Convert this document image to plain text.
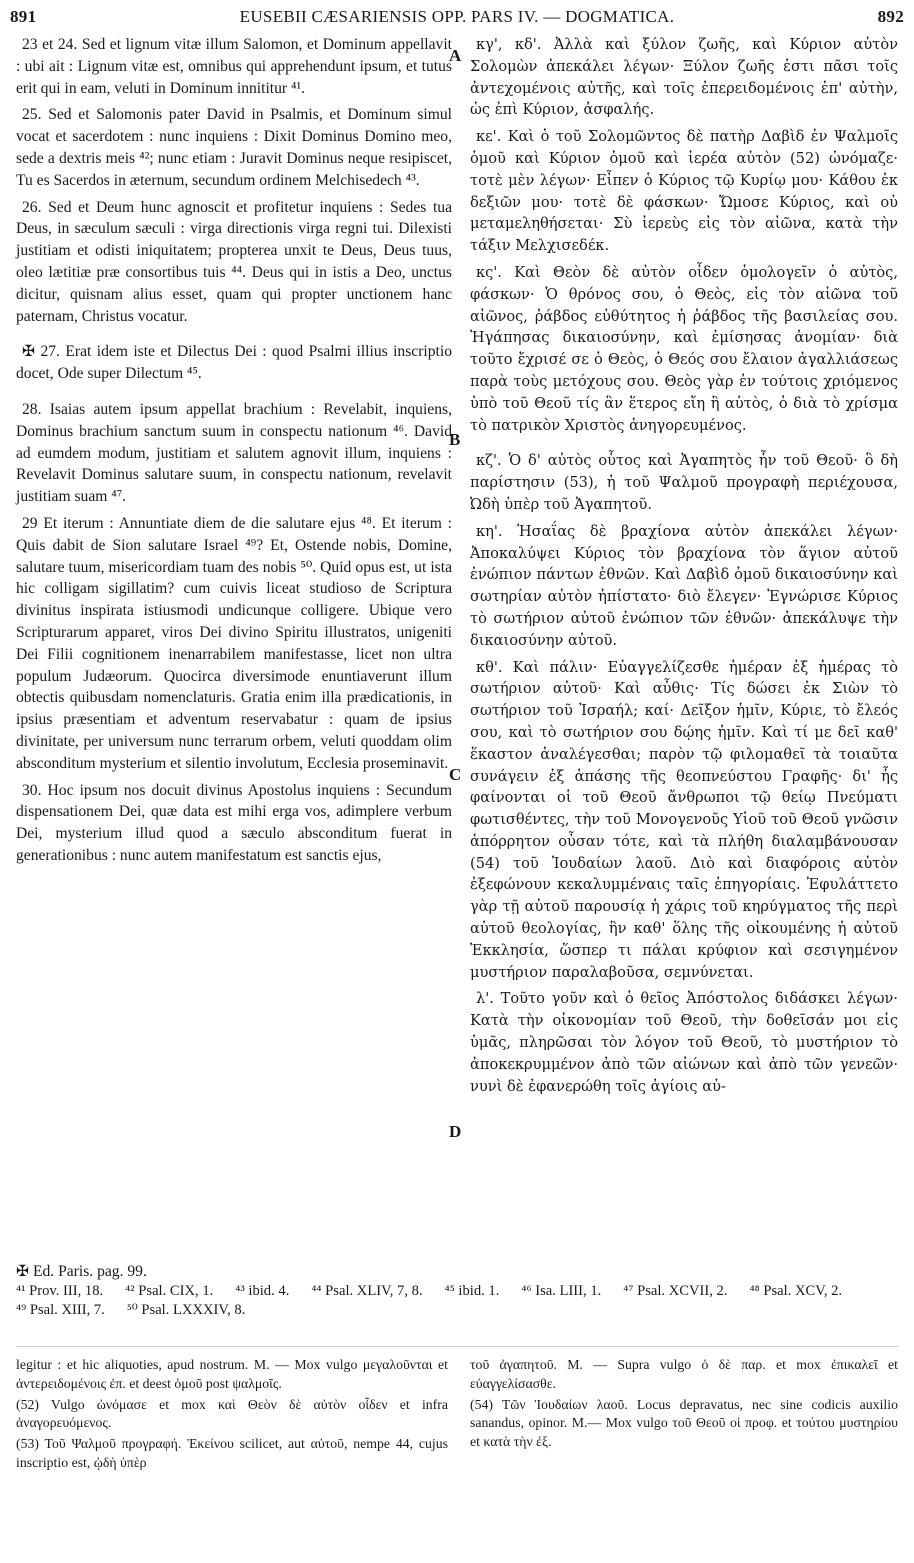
891	EUSEBII CÆSARIENSIS OPP. PARS IV. — DOGMATICA.	892

23 et 24. Sed et lignum vitæ illum Salomon, et Dominum appellavit : ubi ait : Lignum vitæ est, omnibus qui apprehendunt ipsum, et tutus erit qui in eam, veluti in Dominum innititur ⁴¹.

25. Sed et Salomonis pater David in Psalmis, et Dominum simul vocat et sacerdotem : nunc inquiens : Dixit Dominus Domino meo, sede a dextris meis ⁴²; nunc etiam : Juravit Dominus neque resipiscet, Tu es Sacerdos in æternum, secundum ordinem Melchisedech ⁴³.

26. Sed et Deum hunc agnoscit et profitetur inquiens : Sedes tua Deus, in sæculum sæculi : virga directionis virga regni tui. Dilexisti justitiam et odisti iniquitatem; propterea unxit te Deus, Deus tuus, oleo lætitiæ præ consortibus tuis ⁴⁴. Deus qui in istis a Deo, unctus dicitur, quisnam alius esset, quam qui propter unctionem hanc paternam, Christus vocatur.

✠ 27. Erat idem iste et Dilectus Dei : quod Psalmi illius inscriptio docet, Ode super Dilectum ⁴⁵.

28. Isaias autem ipsum appellat brachium : Revelabit, inquiens, Dominus brachium sanctum suum in conspectu nationum ⁴⁶. David ad eumdem modum, justitiam et salutem agnovit illum, inquiens : Revelavit Dominus salutare suum, in conspectu nationum, revelavit justitiam suam ⁴⁷.

29 Et iterum : Annuntiate diem de die salutare ejus ⁴⁸. Et iterum : Quis dabit de Sion salutare Israel ⁴⁹? Et, Ostende nobis, Domine, salutare tuum, misericordiam tuam des nobis ⁵⁰. Quid opus est, ut ista hic colligam sigillatim? cum cuivis liceat studioso de Scriptura divinitus inspirata istiusmodi undicunque colligere. Ubique vero Scripturarum apparet, viros Dei divino Spiritu illustratos, unigeniti Dei Filii cognitionem inenarrabilem manifestasse, licet non ultra populum Judæorum. Quocirca diversimode enuntiaverunt illum obtectis quibusdam nomenclaturis. Gratia enim illa prædicationis, in ipsius præsentiam et adventum reservabatur : quam de ipsius divinitate, per universum nunc terrarum orbem, veluti quoddam olim absconditum mysterium et silentio involutum, Ecclesia proseminavit.

30. Hoc ipsum nos docuit divinus Apostolus inquiens : Secundum dispensationem Dei, quæ data est mihi erga vos, adimplere verbum Dei, mysterium illud quod a sæculo absconditum fuerat in generationibus : nunc autem manifestatum est sanctis ejus,

A
B
C
D

κγ', κδ'. Ἀλλὰ καὶ ξύλον ζωῆς, καὶ Κύριον αὐτὸν Σολομὼν ἀπεκάλει λέγων· Ξύλον ζωῆς ἐστι πᾶσι τοῖς ἀντεχομένοις αὐτῆς, καὶ τοῖς ἐπερειδομένοις ἐπ' αὐτὴν, ὡς ἐπὶ Κύριον, ἀσφαλής.

κε'. Καὶ ὁ τοῦ Σολομῶντος δὲ πατὴρ Δαβὶδ ἐν Ψαλμοῖς ὁμοῦ καὶ Κύριον ὁμοῦ καὶ ἱερέα αὐτὸν (52) ὠνόμαζε· τοτὲ μὲν λέγων· Εἶπεν ὁ Κύριος τῷ Κυρίῳ μου· Κάθου ἐκ δεξιῶν μου· τοτὲ δὲ φάσκων· Ὤμοσε Κύριος, καὶ οὐ μεταμεληθήσεται· Σὺ ἱερεὺς εἰς τὸν αἰῶνα, κατὰ τὴν τάξιν Μελχισεδέκ.

κς'. Καὶ Θεὸν δὲ αὐτὸν οἶδεν ὁμολογεῖν ὁ αὐτὸς, φάσκων· Ὁ θρόνος σου, ὁ Θεὸς, εἰς τὸν αἰῶνα τοῦ αἰῶνος, ῥάβδος εὐθύτητος ἡ ῥάβδος τῆς βασιλείας σου. Ἠγάπησας δικαιοσύνην, καὶ ἐμίσησας ἀνομίαν· διὰ τοῦτο ἔχρισέ σε ὁ Θεὸς, ὁ Θεός σου ἔλαιον ἀγαλλιάσεως παρὰ τοὺς μετόχους σου. Θεὸς γὰρ ἐν τούτοις χριόμενος ὑπὸ τοῦ Θεοῦ τίς ἂν ἕτερος εἴη ἢ αὐτὸς, ὁ διὰ τὸ χρίσμα τὸ πατρικὸν Χριστὸς ἀνηγορευμένος.

κζ'. Ὁ δ' αὐτὸς οὗτος καὶ Ἀγαπητὸς ἦν τοῦ Θεοῦ· ὃ δὴ παρίστησιν (53), ἡ τοῦ Ψαλμοῦ προγραφὴ περιέχουσα, Ὠδὴ ὑπὲρ τοῦ Ἀγαπητοῦ.

κη'. Ἡσαΐας δὲ βραχίονα αὐτὸν ἀπεκάλει λέγων· Ἀποκαλύψει Κύριος τὸν βραχίονα τὸν ἅγιον αὐτοῦ ἐνώπιον πάντων ἐθνῶν. Καὶ Δαβὶδ ὁμοῦ δικαιοσύνην καὶ σωτηρίαν αὐτὸν ἠπίστατο· διὸ ἔλεγεν· Ἐγνώρισε Κύριος τὸ σωτήριον αὐτοῦ ἐνώπιον τῶν ἐθνῶν· ἀπεκάλυψε τὴν δικαιοσύνην αὐτοῦ.

κθ'. Καὶ πάλιν· Εὐαγγελίζεσθε ἡμέραν ἐξ ἡμέρας τὸ σωτήριον αὐτοῦ· Καὶ αὖθις· Τίς δώσει ἐκ Σιὼν τὸ σωτήριον τοῦ Ἰσραήλ; καί· Δεῖξον ἡμῖν, Κύριε, τὸ ἔλεός σου, καὶ τὸ σωτήριον σου δῴης ἡμῖν. Καὶ τί με δεῖ καθ' ἕκαστον ἀναλέγεσθαι; παρὸν τῷ φιλομαθεῖ τὰ τοιαῦτα συνάγειν ἐξ ἁπάσης τῆς θεοπνεύστου Γραφῆς· δι' ἧς φαίνονται οἱ τοῦ Θεοῦ ἄνθρωποι τῷ θείῳ Πνεύματι φωτισθέντες, τὴν τοῦ Μονογενοῦς Υἱοῦ τοῦ Θεοῦ γνῶσιν ἀπόρρητον οὖσαν τότε, καὶ τὰ πλήθη διαλαμβάνουσαν (54) τοῦ Ἰουδαίων λαοῦ. Διὸ καὶ διαφόροις αὐτὸν ἐξεφώνουν κεκαλυμμέναις ταῖς ἐπηγορίαις. Ἐφυλάττετο γὰρ τῇ αὐτοῦ παρουσίᾳ ἡ χάρις τοῦ κηρύγματος τῆς περὶ αὐτοῦ θεολογίας, ἣν καθ' ὅλης τῆς οἰκουμένης ἡ αὐτοῦ Ἐκκλησία, ὥσπερ τι πάλαι κρύφιον καὶ σεσιγημένον μυστήριον παραλαβοῦσα, σεμνύνεται.

λ'. Τοῦτο γοῦν καὶ ὁ θεῖος Ἀπόστολος διδάσκει λέγων· Κατὰ τὴν οἰκονομίαν τοῦ Θεοῦ, τὴν δοθεῖσάν μοι εἰς ὑμᾶς, πληρῶσαι τὸν λόγον τοῦ Θεοῦ, τὸ μυστήριον τὸ ἀποκεκρυμμένον ἀπὸ τῶν αἰώνων καὶ ἀπὸ τῶν γενεῶν· νυνὶ δὲ ἐφανερώθη τοῖς ἁγίοις αὐ-

✠ Ed. Paris. pag. 99.
⁴¹ Prov. III, 18. ⁴² Psal. CIX, 1. ⁴³ ibid. 4. ⁴⁴ Psal. XLIV, 7, 8. ⁴⁵ ibid. 1. ⁴⁶ Isa. LIII, 1. ⁴⁷ Psal. XCVII, 2. ⁴⁸ Psal. XCV, 2.
⁴⁹ Psal. XIII, 7. ⁵⁰ Psal. LXXXIV, 8.

legitur : et hic aliquoties, apud nostrum. M. — Mox vulgo μεγαλοῦνται et ἀντερειδομένοις ἐπ. et deest ὁμοῦ post ψαλμοῖς.

(52) Vulgo ὠνόμασε et mox καὶ Θεὸν δὲ αὐτὸν οἶδεν et infra ἀναγορευόμενος.

(53) Τοῦ Ψαλμοῦ προγραφή. Ἐκείνου scilicet, aut αὐτοῦ, nempe 44, cujus inscriptio est, ᾠδὴ ὑπὲρ

τοῦ ἀγαπητοῦ. M. — Supra vulgo ὁ δὲ παρ. et mox ἐπικαλεῖ et εὐαγγελίσασθε.

(54) Τῶν Ἰουδαίων λαοῦ. Locus depravatus, nec sine codicis auxilio sanandus, opinor. M.— Mox vulgo τοῦ Θεοῦ οἱ προφ. et τούτου μυστηρίου et κατὰ τὴν ἐξ.
